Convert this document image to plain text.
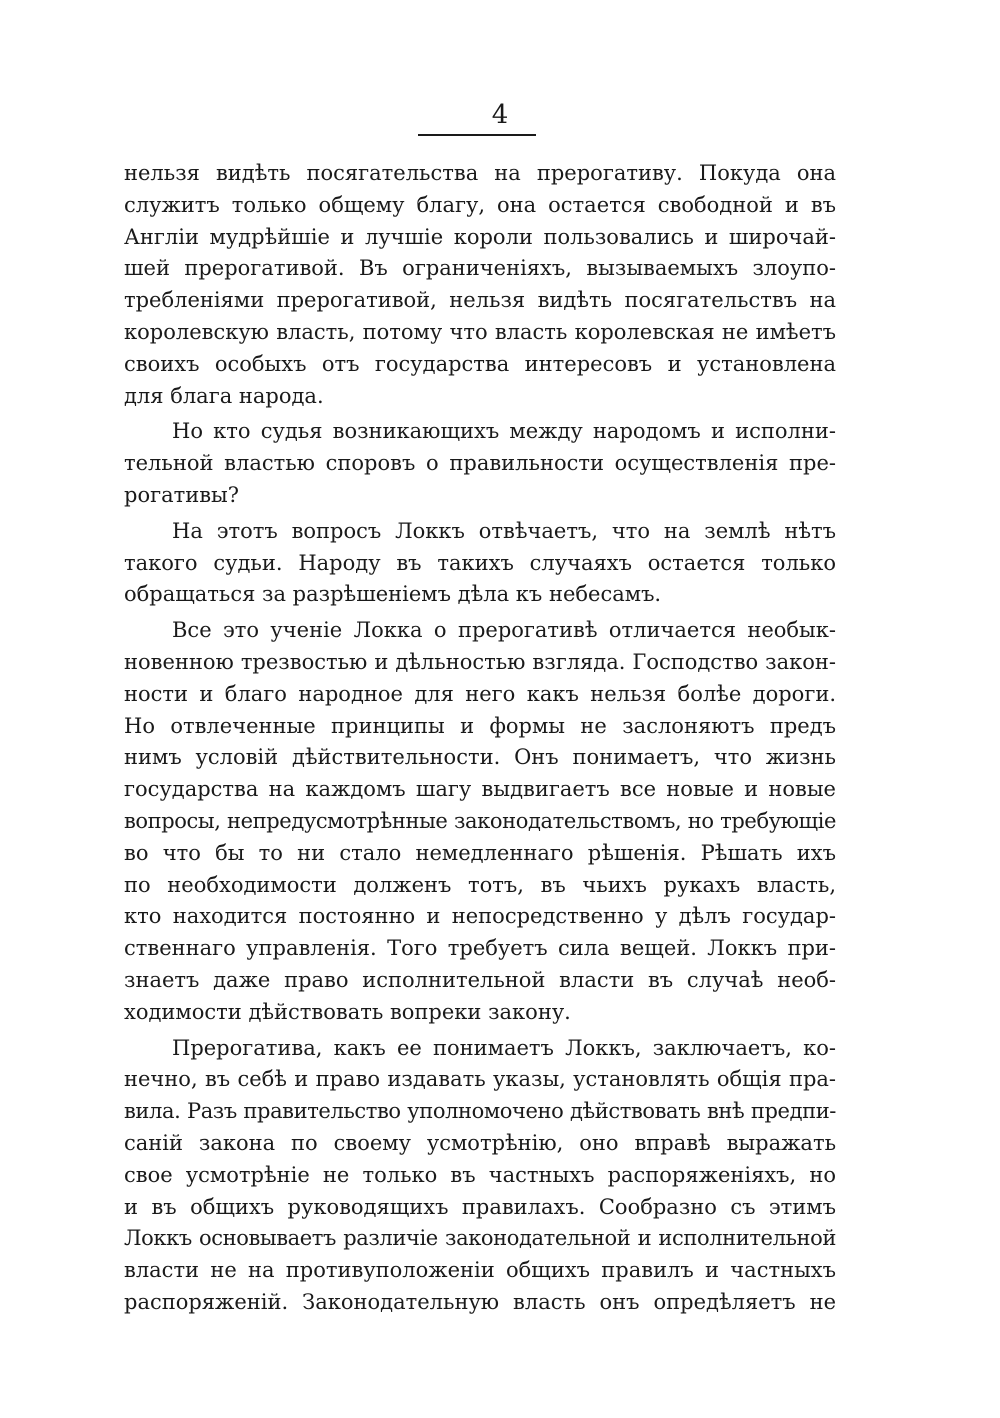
4
нельзя видѣть посягательства на прерогативу. Покуда она
служитъ только общему благу, она остается свободной и въ
Англіи мудрѣйшіе и лучшіе короли пользовались и широчай-
шей прерогативой. Въ ограниченіяхъ, вызываемыхъ злоупо-
требленіями прерогативой, нельзя видѣть посягательствъ на
королевскую власть, потому что власть королевская не имѣетъ
своихъ особыхъ отъ государства интересовъ и установлена
для блага народа.
Но кто судья возникающихъ между народомъ и исполни-
тельной властью споровъ о правильности осуществленія пре-
рогативы?
На этотъ вопросъ Локкъ отвѣчаетъ, что на землѣ нѣтъ
такого судьи. Народу въ такихъ случаяхъ остается только
обращаться за разрѣшеніемъ дѣла къ небесамъ.
Все это ученіе Локка о прерогативѣ отличается необык-
новенною трезвостью и дѣльностью взгляда. Господство закон-
ности и благо народное для него какъ нельзя болѣе дороги.
Но отвлеченные принципы и формы не заслоняютъ предъ
нимъ условій дѣйствительности. Онъ понимаетъ, что жизнь
государства на каждомъ шагу выдвигаетъ все новые и новые
вопросы, непредусмотрѣнные законодательствомъ, но требующіе
во что бы то ни стало немедленнаго рѣшенія. Рѣшать ихъ
по необходимости долженъ тотъ, въ чьихъ рукахъ власть,
кто находится постоянно и непосредственно у дѣлъ государ-
ственнаго управленія. Того требуетъ сила вещей. Локкъ при-
знаетъ даже право исполнительной власти въ случаѣ необ-
ходимости дѣйствовать вопреки закону.
Прерогатива, какъ ее понимаетъ Локкъ, заключаетъ, ко-
нечно, въ себѣ и право издавать указы, установлять общія пра-
вила. Разъ правительство уполномочено дѣйствовать внѣ предпи-
саній закона по своему усмотрѣнію, оно вправѣ выражать
свое усмотрѣніе не только въ частныхъ распоряженіяхъ, но
и въ общихъ руководящихъ правилахъ. Сообразно съ этимъ
Локкъ основываетъ различіе законодательной и исполнительной
власти не на противуположеніи общихъ правилъ и частныхъ
распоряженій. Законодательную власть онъ опредѣляетъ не
